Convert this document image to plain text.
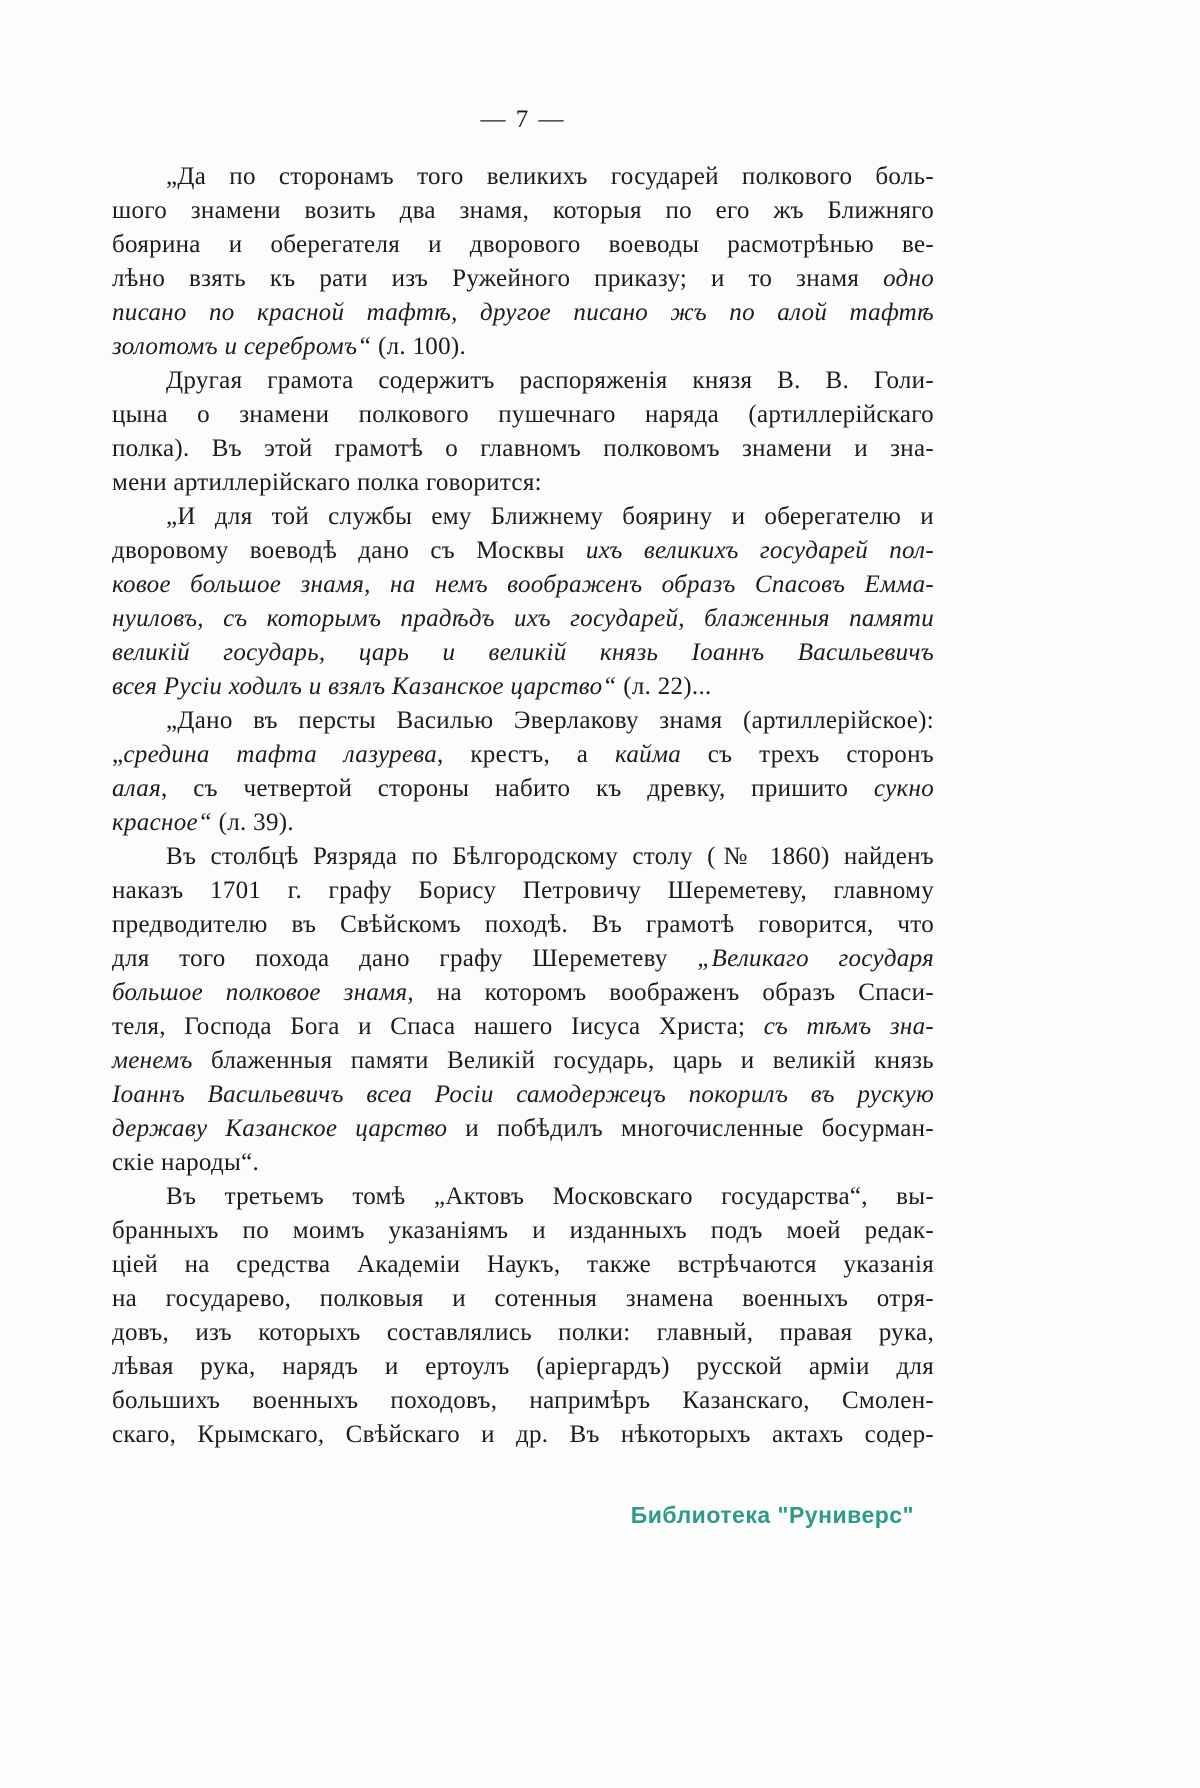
— 7 —
„Да по сторонамъ того великихъ государей полкового боль-
шого знамени возить два знамя, которыя по его жъ Ближняго
боярина и оберегателя и дворового воеводы расмотрѣнью ве-
лѣно взять къ рати изъ Ружейного приказу; и то знамя одно
писано по красной тафтѣ, другое писано жъ по алой тафтѣ
золотомъ и серебромъ“ (л. 100).
Другая грамота содержитъ распоряженія князя В. В. Голи-
цына о знамени полкового пушечнаго наряда (артиллерійскаго
полка). Въ этой грамотѣ о главномъ полковомъ знамени и зна-
мени артиллерійскаго полка говорится:
„И для той службы ему Ближнему боярину и оберегателю и
дворовому воеводѣ дано съ Москвы ихъ великихъ государей пол-
ковое большое знамя, на немъ воображенъ образъ Спасовъ Емма-
нуиловъ, съ которымъ прадѣдъ ихъ государей, блаженныя памяти
великій государь, царь и великій князь Іоаннъ Васильевичъ
всея Русіи ходилъ и взялъ Казанское царство“ (л. 22)...
„Дано въ персты Василью Эверлакову знамя (артиллерійское):
„средина тафта лазурева, крестъ, а кайма съ трехъ сторонъ
алая, съ четвертой стороны набито къ древку, пришито сукно
красное“ (л. 39).
Въ столбцѣ Рязряда по Бѣлгородскому столу (№ 1860) найденъ
наказъ 1701 г. графу Борису Петровичу Шереметеву, главному
предводителю въ Свѣйскомъ походѣ. Въ грамотѣ говорится, что
для того похода дано графу Шереметеву „Великаго государя
большое полковое знамя, на которомъ воображенъ образъ Спаси-
теля, Господа Бога и Спаса нашего Іисуса Христа; съ тѣмъ зна-
менемъ блаженныя памяти Великій государь, царь и великій князь
Іоаннъ Васильевичъ всеа Росіи самодержецъ покорилъ въ рускую
державу Казанское царство и побѣдилъ многочисленные босурман-
скіе народы“.
Въ третьемъ томѣ „Актовъ Московскаго государства“, вы-
бранныхъ по моимъ указаніямъ и изданныхъ подъ моей редак-
ціей на средства Академіи Наукъ, также встрѣчаются указанія
на государево, полковыя и сотенныя знамена военныхъ отря-
довъ, изъ которыхъ составлялись полки: главный, правая рука,
лѣвая рука, нарядъ и ертоулъ (аріергардъ) русской арміи для
большихъ военныхъ походовъ, напримѣръ Казанскаго, Смолен-
скаго, Крымскаго, Свѣйскаго и др. Въ нѣкоторыхъ актахъ содер-
Библиотека "Руниверс"
